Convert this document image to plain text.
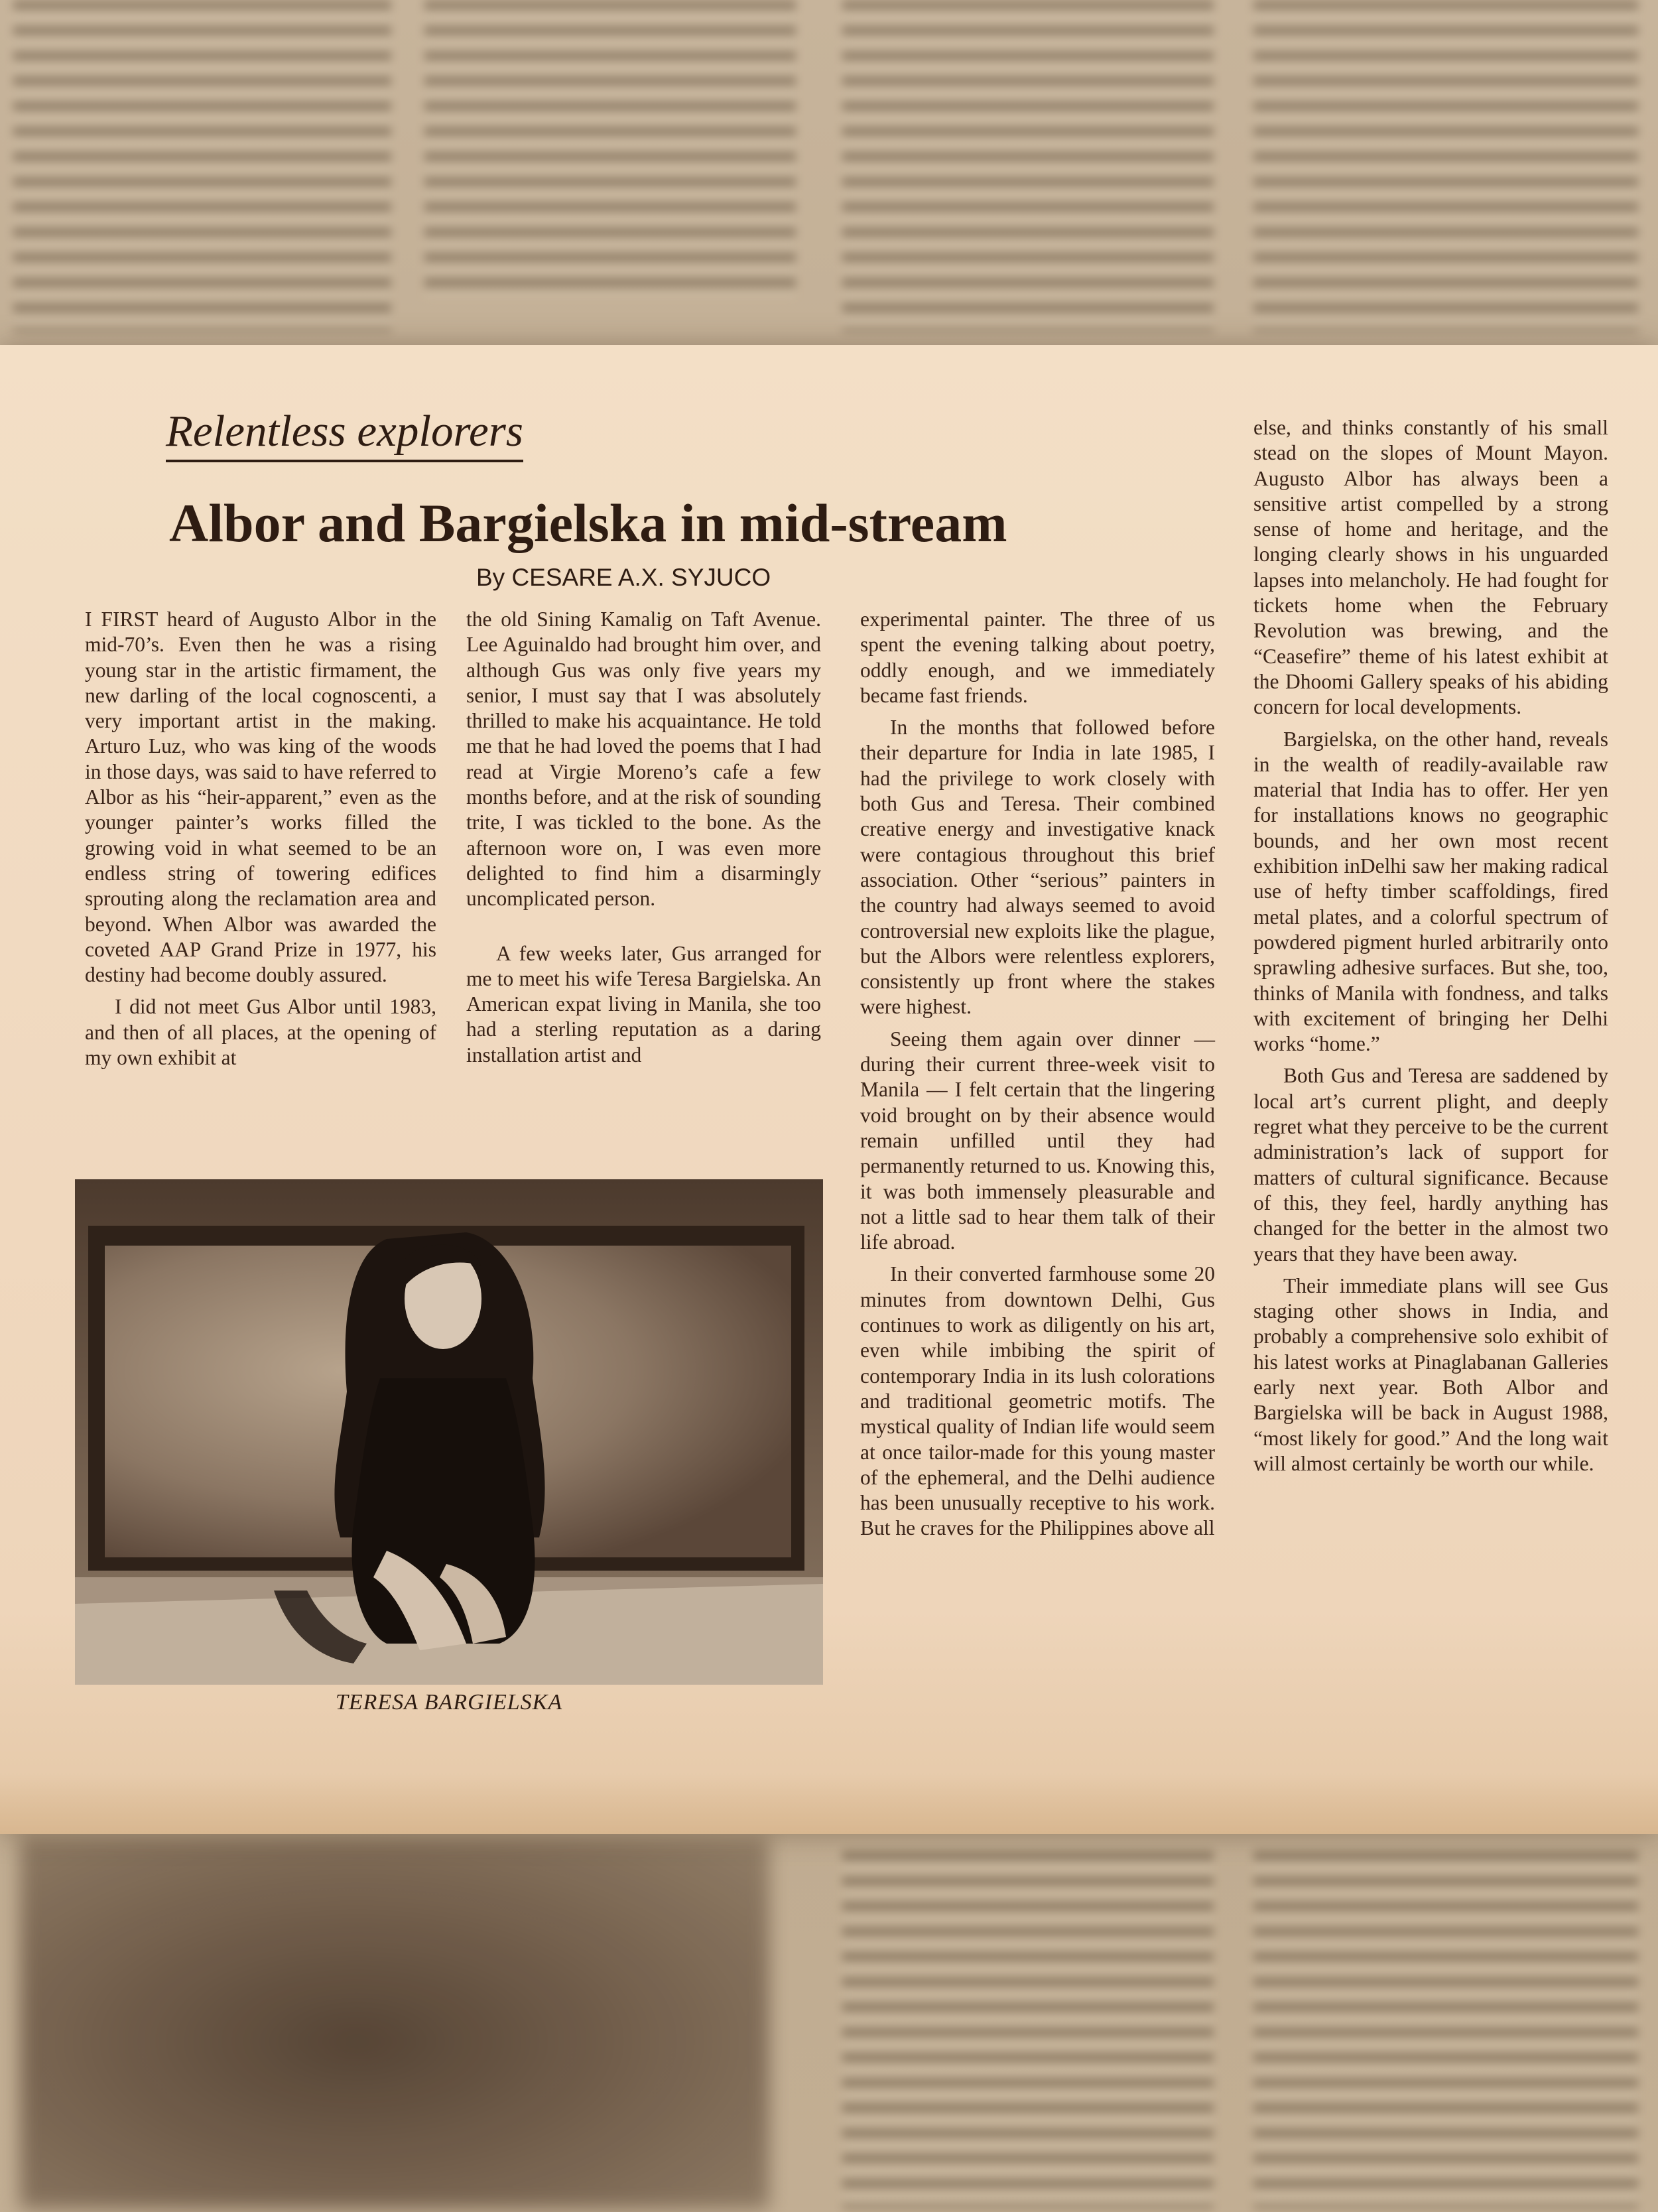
Relentless explorers
Albor and Bargielska in mid-stream
By CESARE A.X. SYJUCO

I FIRST heard of Augusto Albor in the mid-70’s. Even then he was a rising young star in the artistic firmament, the new darling of the local cognoscenti, a very important artist in the making. Arturo Luz, who was king of the woods in those days, was said to have referred to Albor as his “heir-apparent,” even as the younger painter’s works filled the growing void in what seemed to be an endless string of towering edifices sprouting along the reclamation area and beyond. When Albor was awarded the coveted AAP Grand Prize in 1977, his destiny had become doubly assured.

I did not meet Gus Albor until 1983, and then of all places, at the opening of my own exhibit at

the old Sining Kamalig on Taft Avenue. Lee Aguinaldo had brought him over, and although Gus was only five years my senior, I must say that I was absolutely thrilled to make his acquaintance. He told me that he had loved the poems that I had read at Virgie Moreno’s cafe a few months before, and at the risk of sounding trite, I was tickled to the bone. As the afternoon wore on, I was even more delighted to find him a disarmingly uncomplicated person.

A few weeks later, Gus arranged for me to meet his wife Teresa Bargielska. An American expat living in Manila, she too had a sterling reputation as a daring installation artist and

experimental painter. The three of us spent the evening talking about poetry, oddly enough, and we immediately became fast friends.

In the months that followed before their departure for India in late 1985, I had the privilege to work closely with both Gus and Teresa. Their combined creative energy and investigative knack were contagious throughout this brief association. Other “serious” painters in the country had always seemed to avoid controversial new exploits like the plague, but the Albors were relentless explorers, consistently up front where the stakes were highest.

Seeing them again over dinner — during their current three-week visit to Manila — I felt certain that the lingering void brought on by their absence would remain unfilled until they had permanently returned to us. Knowing this, it was both immensely pleasurable and not a little sad to hear them talk of their life abroad.

In their converted farmhouse some 20 minutes from downtown Delhi, Gus continues to work as diligently on his art, even while imbibing the spirit of contemporary India in its lush colorations and traditional geometric motifs. The mystical quality of Indian life would seem at once tailor-made for this young master of the ephemeral, and the Delhi audience has been unusually receptive to his work. But he craves for the Philippines above all

else, and thinks constantly of his small stead on the slopes of Mount Mayon. Augusto Albor has always been a sensitive artist compelled by a strong sense of home and heritage, and the longing clearly shows in his unguarded lapses into melancholy. He had fought for tickets home when the February Revolution was brewing, and the “Ceasefire” theme of his latest exhibit at the Dhoomi Gallery speaks of his abiding concern for local developments.

Bargielska, on the other hand, reveals in the wealth of readily-available raw material that India has to offer. Her yen for installations knows no geographic bounds, and her own most recent exhibition inDelhi saw her making radical use of hefty timber scaffoldings, fired metal plates, and a colorful spectrum of powdered pigment hurled arbitrarily onto sprawling adhesive surfaces. But she, too, thinks of Manila with fondness, and talks with excitement of bringing her Delhi works “home.”

Both Gus and Teresa are saddened by local art’s current plight, and deeply regret what they perceive to be the current administration’s lack of support for matters of cultural significance. Because of this, they feel, hardly anything has changed for the better in the almost two years that they have been away.

Their immediate plans will see Gus staging other shows in India, and probably a comprehensive solo exhibit of his latest works at Pinaglabanan Galleries early next year. Both Albor and Bargielska will be back in August 1988, “most likely for good.” And the long wait will almost certainly be worth our while.

TERESA BARGIELSKA
